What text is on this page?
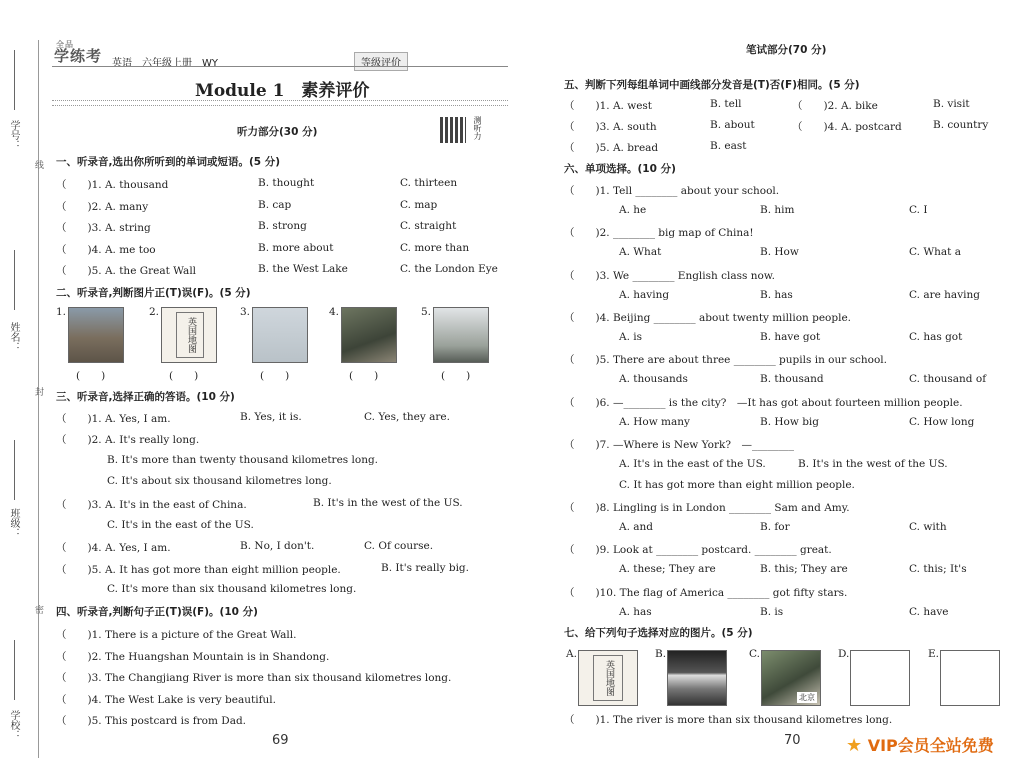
学号：
线
姓名：
封
班级：
密
学校：
全品
学练考 英语　六年级上册　WY	等级评价
Module 1　素养评价
听力部分(30 分)	测听力
一、听录音,选出你所听到的单词或短语。(5 分)
（　　)1. A. thousand	B. thought	C. thirteen
（　　)2. A. many	B. cap	C. map
（　　)3. A. string	B. strong	C. straight
（　　)4. A. me too	B. more about	C. more than
（　　)5. A. the Great Wall	B. the West Lake	C. the London Eye
二、听录音,判断图片正(T)误(F)。(5 分)
1.
(　　)
2.
英国地图
(　　)
3.
(　　)
4.
(　　)
5.
(　　)
三、听录音,选择正确的答语。(10 分)
（　　)1. A. Yes, I am.	B. Yes, it is.	C. Yes, they are.
（　　)2. A. It's really long.
B. It's more than twenty thousand kilometres long.
C. It's about six thousand kilometres long.
（　　)3. A. It's in the east of China.	B. It's in the west of the US.
C. It's in the east of the US.
（　　)4. A. Yes, I am.	B. No, I don't.	C. Of course.
（　　)5. A. It has got more than eight million people.	B. It's really big.
C. It's more than six thousand kilometres long.
四、听录音,判断句子正(T)误(F)。(10 分)
（　　)1. There is a picture of the Great Wall.
（　　)2. The Huangshan Mountain is in Shandong.
（　　)3. The Changjiang River is more than six thousand kilometres long.
（　　)4. The West Lake is very beautiful.
（　　)5. This postcard is from Dad.
69
笔试部分(70 分)
五、判断下列每组单词中画线部分发音是(T)否(F)相同。(5 分)
（　　)1. A. west	B. tell	（　　)2. A. bike	B. visit
（　　)3. A. south	B. about	（　　)4. A. postcard	B. country
（　　)5. A. bread	B. east
六、单项选择。(10 分)
（　　)1. Tell ________ about your school.
A. he	B. him	C. I
（　　)2. ________ big map of China!
A. What	B. How	C. What a
（　　)3. We ________ English class now.
A. having	B. has	C. are having
（　　)4. Beijing ________ about twenty million people.
A. is	B. have got	C. has got
（　　)5. There are about three ________ pupils in our school.
A. thousands	B. thousand	C. thousand of
（　　)6. —________ is the city?　—It has got about fourteen million people.
A. How many	B. How big	C. How long
（　　)7. —Where is New York?　—________
A. It's in the east of the US.	B. It's in the west of the US.
C. It has got more than eight million people.
（　　)8. Lingling is in London ________ Sam and Amy.
A. and	B. for	C. with
（　　)9. Look at ________ postcard. ________ great.
A. these; They are	B. this; They are	C. this; It's
（　　)10. The flag of America ________ got fifty stars.
A. has	B. is	C. have
七、给下列句子选择对应的图片。(5 分)
A.
英国地图
B.	C.
北京
D.	E.
（　　)1. The river is more than six thousand kilometres long.
70	★ VIP会员全站免费
